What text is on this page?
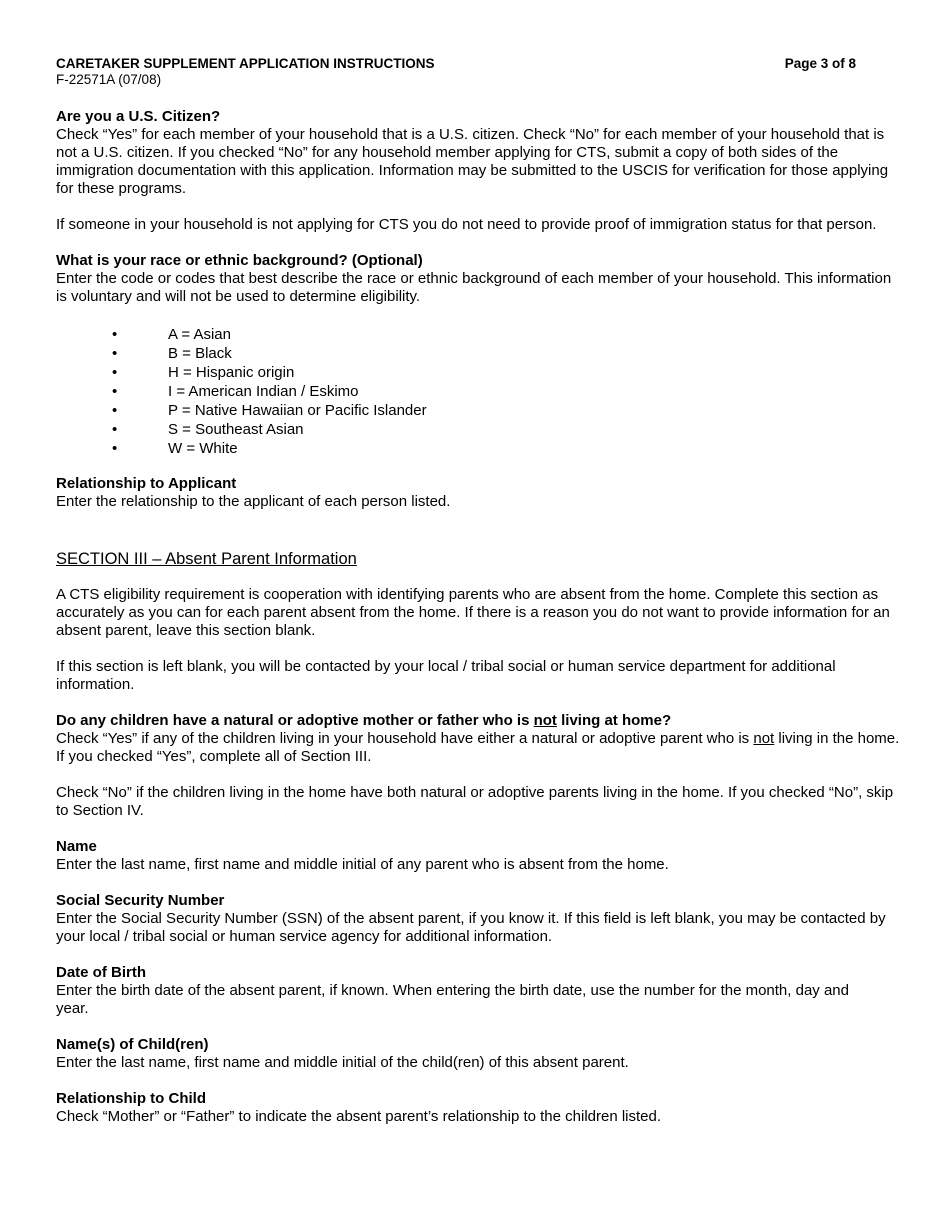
CARETAKER SUPPLEMENT APPLICATION INSTRUCTIONS	Page 3 of 8
F-22571A (07/08)
Are you a U.S. Citizen?

Check “Yes” for each member of your household that is a U.S. citizen. Check “No” for each member of your household that is not a U.S. citizen. If you checked “No” for any household member applying for CTS, submit a copy of both sides of the immigration documentation with this application. Information may be submitted to the USCIS for verification for those applying for these programs.

If someone in your household is not applying for CTS you do not need to provide proof of immigration status for that person.

What is your race or ethnic background? (Optional)

Enter the code or codes that best describe the race or ethnic background of each member of your household. This information is voluntary and will not be used to determine eligibility.

•	A = Asian
•	B = Black
•	H = Hispanic origin
•	I = American Indian / Eskimo
•	P = Native Hawaiian or Pacific Islander
•	S = Southeast Asian
•	W = White
Relationship to Applicant

Enter the relationship to the applicant of each person listed.

SECTION III – Absent Parent Information

A CTS eligibility requirement is cooperation with identifying parents who are absent from the home. Complete this section as accurately as you can for each parent absent from the home. If there is a reason you do not want to provide information for an absent parent, leave this section blank.

If this section is left blank, you will be contacted by your local / tribal social or human service department for additional information.

Do any children have a natural or adoptive mother or father who is not living at home?

Check “Yes” if any of the children living in your household have either a natural or adoptive parent who is not living in the home. If you checked “Yes”, complete all of Section III.

Check “No” if the children living in the home have both natural or adoptive parents living in the home. If you checked “No”, skip to Section IV.

Name

Enter the last name, first name and middle initial of any parent who is absent from the home.

Social Security Number

Enter the Social Security Number (SSN) of the absent parent, if you know it. If this field is left blank, you may be contacted by your local / tribal social or human service agency for additional information.

Date of Birth

Enter the birth date of the absent parent, if known. When entering the birth date, use the number for the month, day and year.

Name(s) of Child(ren)

Enter the last name, first name and middle initial of the child(ren) of this absent parent.

Relationship to Child

Check “Mother” or “Father” to indicate the absent parent’s relationship to the children listed.
